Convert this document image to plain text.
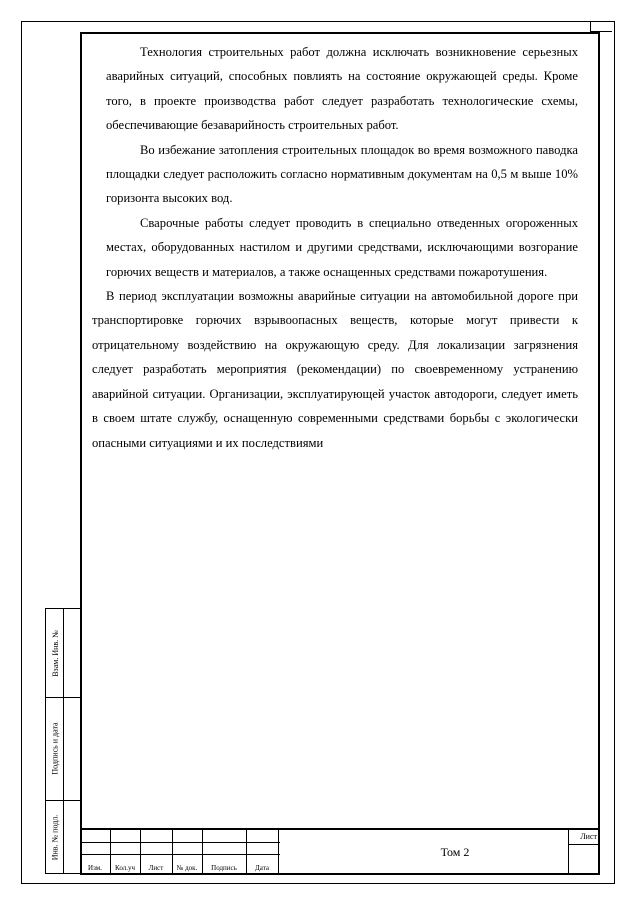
Технология строительных работ должна исключать возникновение серьезных аварийных ситуаций, способных повлиять на состояние окружающей среды. Кроме того, в проекте производства работ следует разработать технологические схемы, обеспечивающие безаварийность строительных работ.

Во избежание затопления строительных площадок во время возможного паводка площадки следует расположить согласно нормативным документам на 0,5 м выше 10% горизонта высоких вод.

Сварочные работы следует проводить в специально отведенных огороженных местах, оборудованных настилом и другими средствами, исключающими возгорание горючих веществ и материалов, а также оснащенных средствами пожаротушения.

В период эксплуатации возможны аварийные ситуации на автомобильной дороге при транспортировке горючих взрывоопасных веществ, которые могут привести к отрицательному воздействию на окружающую среду. Для локализации загрязнения следует разработать мероприятия (рекомендации) по своевременному устранению аварийной ситуации. Организации, эксплуатирующей участок автодороги, следует иметь в своем штате службу, оснащенную современными средствами борьбы с экологически опасными ситуациями и их последствиями

Взам. Инв. №
Подпись и дата
Инв. № подл.
Изм.	Кол.уч	Лист	№ док.	Подпись	Дата
Том 2
Лист
